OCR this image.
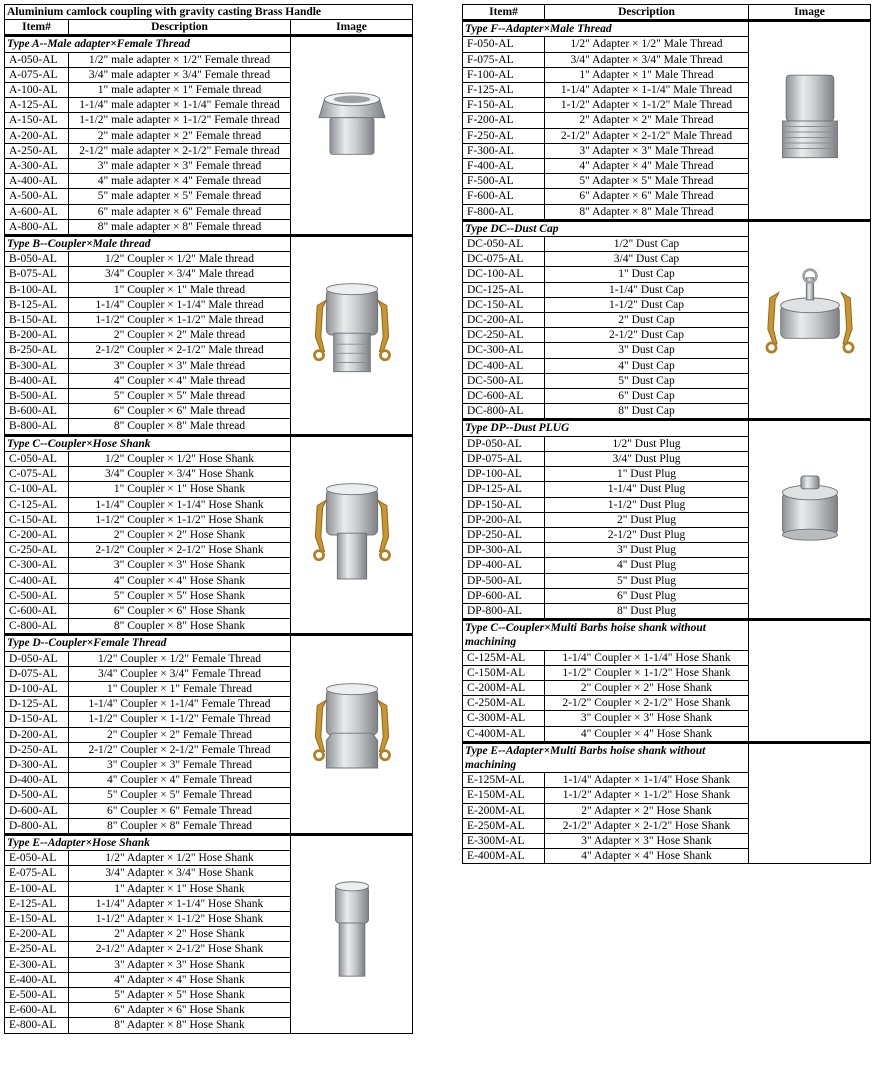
Aluminium camlock coupling with gravity casting Brass Handle		
Item#	Description	Image
Type A--Male adapter×Female Thread	

A-050-AL	1/2" male adapter × 1/2" Female thread	
A-075-AL	3/4" male adapter × 3/4" Female thread	
A-100-AL	1" male adapter × 1" Female thread	
A-125-AL	1-1/4" male adapter × 1-1/4" Female thread	
A-150-AL	1-1/2" male adapter × 1-1/2" Female thread	
A-200-AL	2" male adapter × 2" Female thread	
A-250-AL	2-1/2" male adapter × 2-1/2" Female thread	
A-300-AL	3" male adapter × 3" Female thread	
A-400-AL	4" male adapter × 4" Female thread	
A-500-AL	5" male adapter × 5" Female thread	
A-600-AL	6" male adapter × 6" Female thread	
A-800-AL	8" male adapter × 8" Female thread	
Type B--Coupler×Male thread	

B-050-AL	1/2" Coupler × 1/2" Male thread	
B-075-AL	3/4" Coupler × 3/4" Male thread	
B-100-AL	1" Coupler × 1" Male thread	
B-125-AL	1-1/4" Coupler × 1-1/4" Male thread	
B-150-AL	1-1/2" Coupler × 1-1/2" Male thread	
B-200-AL	2" Coupler × 2" Male thread	
B-250-AL	2-1/2" Coupler × 2-1/2" Male thread	
B-300-AL	3" Coupler × 3" Male thread	
B-400-AL	4" Coupler × 4" Male thread	
B-500-AL	5" Coupler × 5" Male thread	
B-600-AL	6" Coupler × 6" Male thread	
B-800-AL	8" Coupler × 8" Male thread	
Type C--Coupler×Hose Shank	

C-050-AL	1/2" Coupler × 1/2" Hose Shank	
C-075-AL	3/4" Coupler × 3/4" Hose Shank	
C-100-AL	1" Coupler × 1" Hose Shank	
C-125-AL	1-1/4" Coupler × 1-1/4" Hose Shank	
C-150-AL	1-1/2" Coupler × 1-1/2" Hose Shank	
C-200-AL	2" Coupler × 2" Hose Shank	
C-250-AL	2-1/2" Coupler × 2-1/2" Hose Shank	
C-300-AL	3" Coupler × 3" Hose Shank	
C-400-AL	4" Coupler × 4" Hose Shank	
C-500-AL	5" Coupler × 5" Hose Shank	
C-600-AL	6" Coupler × 6" Hose Shank	
C-800-AL	8" Coupler × 8" Hose Shank	
Type D--Coupler×Female Thread	

D-050-AL	1/2" Coupler × 1/2" Female Thread	
D-075-AL	3/4" Coupler × 3/4" Female Thread	
D-100-AL	1" Coupler × 1" Female Thread	
D-125-AL	1-1/4" Coupler × 1-1/4" Female Thread	
D-150-AL	1-1/2" Coupler × 1-1/2" Female Thread	
D-200-AL	2" Coupler × 2" Female Thread	
D-250-AL	2-1/2" Coupler × 2-1/2" Female Thread	
D-300-AL	3" Coupler × 3" Female Thread	
D-400-AL	4" Coupler × 4" Female Thread	
D-500-AL	5" Coupler × 5" Female Thread	
D-600-AL	6" Coupler × 6" Female Thread	
D-800-AL	8" Coupler × 8" Female Thread	
Type E--Adapter×Hose Shank	

E-050-AL	1/2" Adapter × 1/2" Hose Shank	
E-075-AL	3/4" Adapter × 3/4" Hose Shank	
E-100-AL	1" Adapter × 1" Hose Shank	
E-125-AL	1-1/4" Adapter × 1-1/4" Hose Shank	
E-150-AL	1-1/2" Adapter × 1-1/2" Hose Shank	
E-200-AL	2" Adapter × 2" Hose Shank	
E-250-AL	2-1/2" Adapter × 2-1/2" Hose Shank	
E-300-AL	3" Adapter × 3" Hose Shank	
E-400-AL	4" Adapter × 4" Hose Shank	
E-500-AL	5" Adapter × 5" Hose Shank	
E-600-AL	6" Adapter × 6" Hose Shank	
E-800-AL	8" Adapter × 8" Hose Shank	
Item#	Description	Image
Type F--Adapter×Male Thread	

F-050-AL	1/2" Adapter × 1/2" Male Thread	
F-075-AL	3/4" Adapter × 3/4" Male Thread	
F-100-AL	1" Adapter × 1" Male Thread	
F-125-AL	1-1/4" Adapter × 1-1/4" Male Thread	
F-150-AL	1-1/2" Adapter × 1-1/2" Male Thread	
F-200-AL	2" Adapter × 2" Male Thread	
F-250-AL	2-1/2" Adapter × 2-1/2" Male Thread	
F-300-AL	3" Adapter × 3" Male Thread	
F-400-AL	4" Adapter × 4" Male Thread	
F-500-AL	5" Adapter × 5" Male Thread	
F-600-AL	6" Adapter × 6" Male Thread	
F-800-AL	8" Adapter × 8" Male Thread	
Type DC--Dust Cap	

DC-050-AL	1/2" Dust Cap	
DC-075-AL	3/4" Dust Cap	
DC-100-AL	1" Dust Cap	
DC-125-AL	1-1/4" Dust Cap	
DC-150-AL	1-1/2" Dust Cap	
DC-200-AL	2" Dust Cap	
DC-250-AL	2-1/2" Dust Cap	
DC-300-AL	3" Dust Cap	
DC-400-AL	4" Dust Cap	
DC-500-AL	5" Dust Cap	
DC-600-AL	6" Dust Cap	
DC-800-AL	8" Dust Cap	
Type DP--Dust PLUG	

DP-050-AL	1/2" Dust Plug	
DP-075-AL	3/4" Dust Plug	
DP-100-AL	1" Dust Plug	
DP-125-AL	1-1/4" Dust Plug	
DP-150-AL	1-1/2" Dust Plug	
DP-200-AL	2" Dust Plug	
DP-250-AL	2-1/2" Dust Plug	
DP-300-AL	3" Dust Plug	
DP-400-AL	4" Dust Plug	
DP-500-AL	5" Dust Plug	
DP-600-AL	6" Dust Plug	
DP-800-AL	8" Dust Plug	
Type C--Coupler×Multi Barbs hoise shank without machining		
C-125M-AL	1-1/4" Coupler × 1-1/4" Hose Shank	
C-150M-AL	1-1/2" Coupler × 1-1/2" Hose Shank	
C-200M-AL	2" Coupler × 2" Hose Shank	
C-250M-AL	2-1/2" Coupler × 2-1/2" Hose Shank	
C-300M-AL	3" Coupler × 3" Hose Shank	
C-400M-AL	4" Coupler × 4" Hose Shank	
Type E--Adapter×Multi Barbs hoise shank without machining		
E-125M-AL	1-1/4" Adapter × 1-1/4" Hose Shank	
E-150M-AL	1-1/2" Adapter × 1-1/2" Hose Shank	
E-200M-AL	2" Adapter × 2" Hose Shank	
E-250M-AL	2-1/2" Adapter × 2-1/2" Hose Shank	
E-300M-AL	3" Adapter × 3" Hose Shank	
E-400M-AL	4" Adapter × 4" Hose Shank	
